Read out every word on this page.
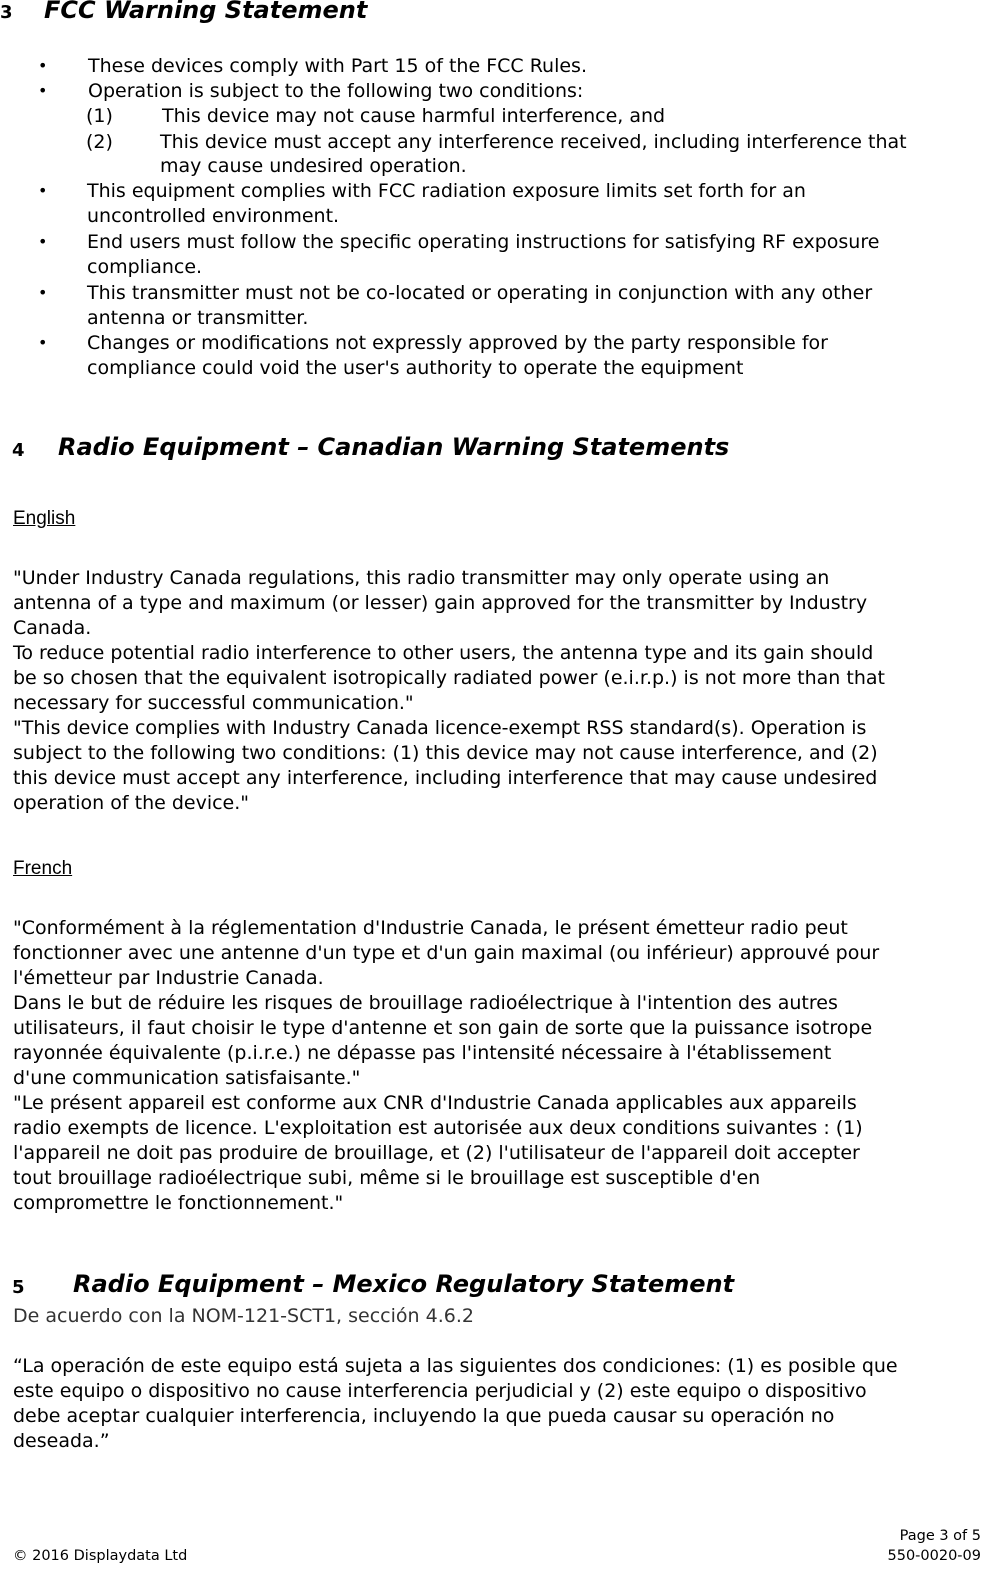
3 FCC Warning Statement
• These devices comply with Part 15 of the FCC Rules.
• Operation is subject to the following two conditions:
(1)	This device may not cause harmful interference, and
(2) This device must accept any interference received, including interference that
may cause undesired operation.
• This equipment complies with FCC radiation exposure limits set forth for an
uncontrolled environment.
• End users must follow the specific operating instructions for satisfying RF exposure
compliance.
• This transmitter must not be co-located or operating in conjunction with any other
antenna or transmitter.
• Changes or modifications not expressly approved by the party responsible for
compliance could void the user's authority to operate the equipment
4 Radio Equipment – Canadian Warning Statements
English
"Under Industry Canada regulations, this radio transmitter may only operate using an
antenna of a type and maximum (or lesser) gain approved for the transmitter by Industry
Canada.
To reduce potential radio interference to other users, the antenna type and its gain should
be so chosen that the equivalent isotropically radiated power (e.i.r.p.) is not more than that
necessary for successful communication."
"This device complies with Industry Canada licence-exempt RSS standard(s). Operation is
subject to the following two conditions: (1) this device may not cause interference, and (2)
this device must accept any interference, including interference that may cause undesired
operation of the device."
French
"Conformément à la réglementation d'Industrie Canada, le présent émetteur radio peut
fonctionner avec une antenne d'un type et d'un gain maximal (ou inférieur) approuvé pour
l'émetteur par Industrie Canada.
Dans le but de réduire les risques de brouillage radioélectrique à l'intention des autres
utilisateurs, il faut choisir le type d'antenne et son gain de sorte que la puissance isotrope
rayonnée équivalente (p.i.r.e.) ne dépasse pas l'intensité nécessaire à l'établissement
d'une communication satisfaisante."
"Le présent appareil est conforme aux CNR d'Industrie Canada applicables aux appareils
radio exempts de licence. L'exploitation est autorisée aux deux conditions suivantes : (1)
l'appareil ne doit pas produire de brouillage, et (2) l'utilisateur de l'appareil doit accepter
tout brouillage radioélectrique subi, même si le brouillage est susceptible d'en
compromettre le fonctionnement."
5 Radio Equipment – Mexico Regulatory Statement
De acuerdo con la NOM-121-SCT1, sección 4.6.2
“La operación de este equipo está sujeta a las siguientes dos condiciones: (1) es posible que
este equipo o dispositivo no cause interferencia perjudicial y (2) este equipo o dispositivo
debe aceptar cualquier interferencia, incluyendo la que pueda causar su operación no
deseada.”
Page 3 of 5
© 2016 Displaydata Ltd	550-0020-09
